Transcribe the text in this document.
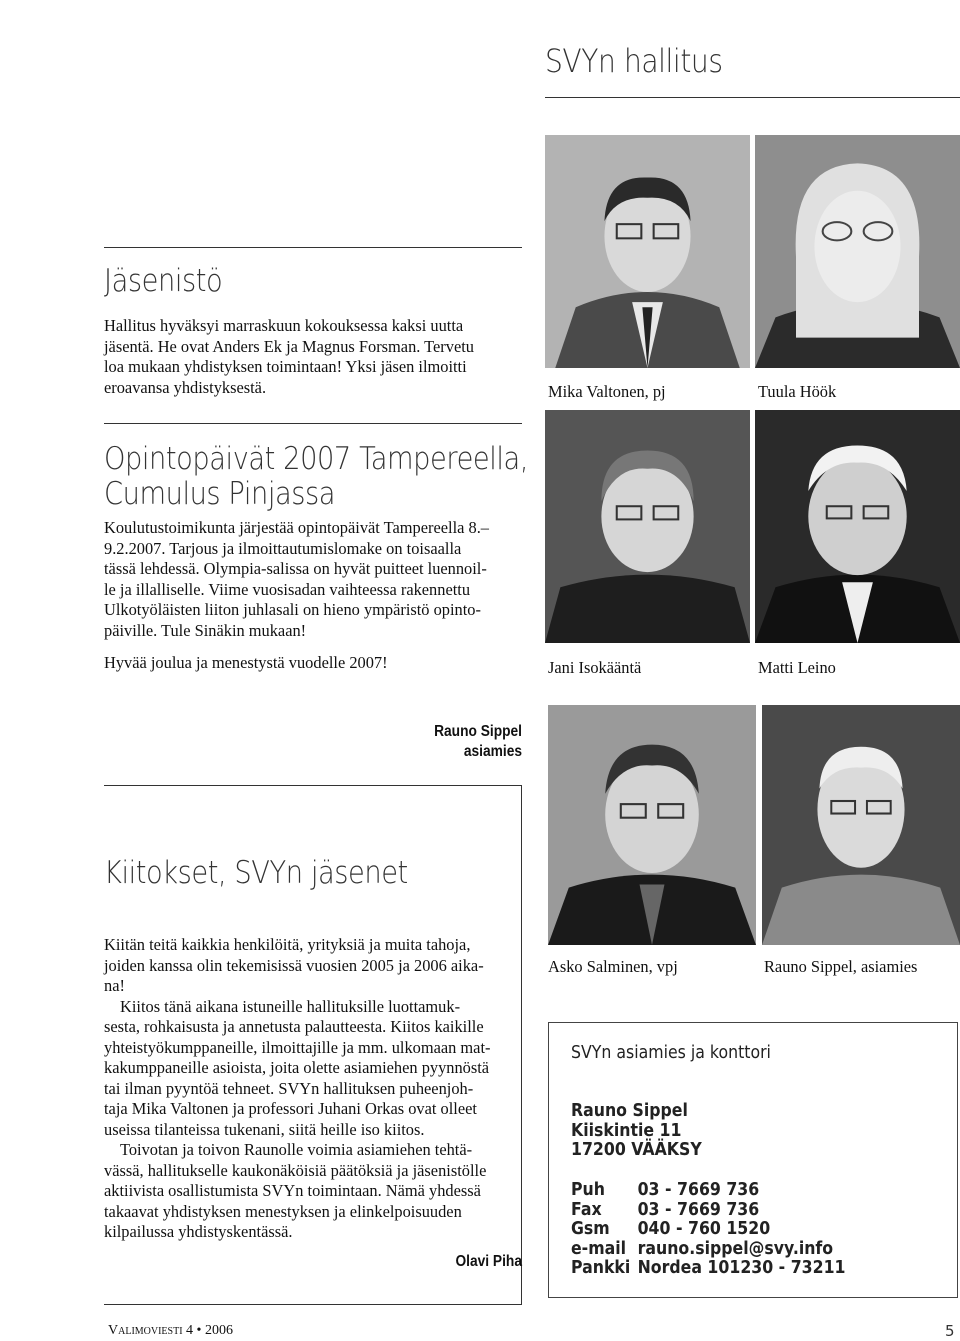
SVYn hallitus
Jäsenistö
Hallitus hyväksyi marraskuun kokouksessa kaksi uutta
jäsentä. He ovat Anders Ek ja Magnus Forsman. Tervetu
loa mukaan yhdistyksen toimintaan! Yksi jäsen ilmoitti
eroavansa yhdistyksestä.
Opintopäivät 2007 Tampereella,
Cumulus Pinjassa
Koulutustoimikunta järjestää opintopäivät Tampereella 8.–
9.2.2007. Tarjous ja ilmoittautumislomake on toisaalla
tässä lehdessä. Olympia-salissa on hyvät puitteet luennoil-
le ja illalliselle. Viime vuosisadan vaihteessa rakennettu
Ulkotyöläisten liiton juhlasali on hieno ympäristö opinto-
päiville. Tule Sinäkin mukaan!
Hyvää joulua ja menestystä vuodelle 2007!
Rauno Sippel
asiamies
Kiitokset, SVYn jäsenet
Kiitän teitä kaikkia henkilöitä, yrityksiä ja muita tahoja,
joiden kanssa olin tekemisissä vuosien 2005 ja 2006 aika-
na!
Kiitos tänä aikana istuneille hallituksille luottamuk-
sesta, rohkaisusta ja annetusta palautteesta. Kiitos kaikille
yhteistyökumppaneille, ilmoittajille ja mm. ulkomaan mat-
kakumppaneille asioista, joita olette asiamiehen pyynnöstä
tai ilman pyyntöä tehneet. SVYn hallituksen puheenjoh-
taja Mika Valtonen ja professori Juhani Orkas ovat olleet
useissa tilanteissa tukenani, siitä heille iso kiitos.
Toivotan ja toivon Raunolle voimia asiamiehen tehtä-
vässä, hallitukselle kaukonäköisiä päätöksiä ja jäsenistölle
aktiivista osallistumista SVYn toimintaan. Nämä yhdessä
takaavat yhdistyksen menestyksen ja elinkelpoisuuden
kilpailussa yhdistyskentässä.
Olavi Piha
Mika Valtonen, pj	Tuula Höök
Jani Isokääntä	Matti Leino
Asko Salminen, vpj	Rauno Sippel, asiamies
SVYn asiamies ja konttori
Rauno Sippel
Kiiskintie 11
17200 VÄÄKSY
Puh 03 - 7669 736
Fax 03 - 7669 736
Gsm 040 - 760 1520
e-mail rauno.sippel@svy.info
Pankki Nordea 101230 - 73211
Valimoviesti 4 • 2006	5
